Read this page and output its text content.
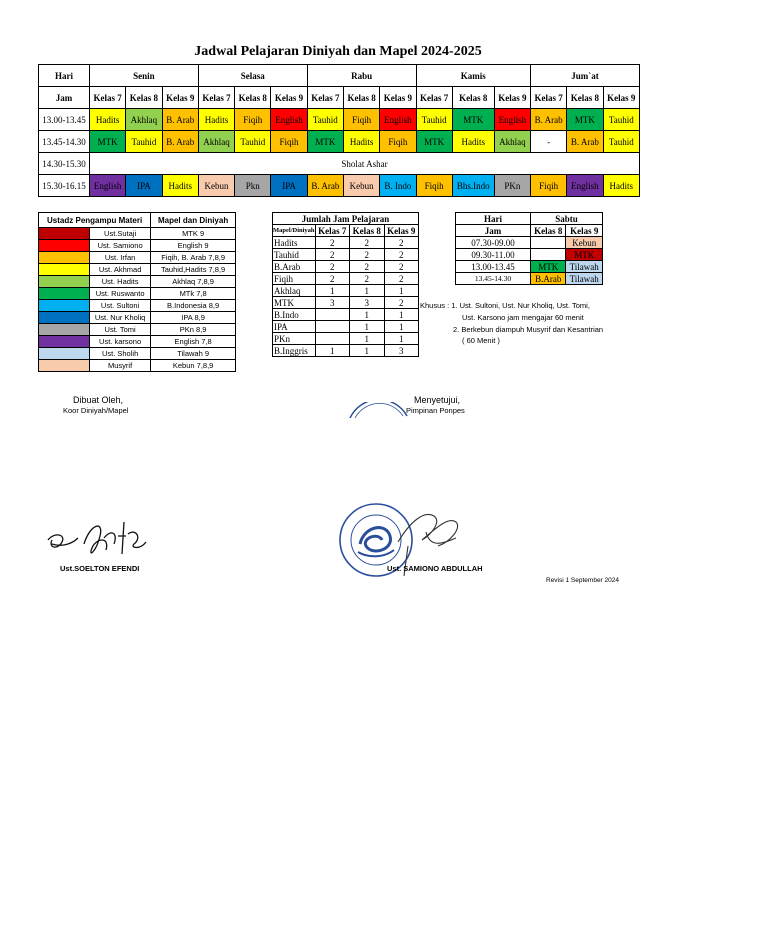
Jadwal Pelajaran Diniyah dan Mapel 2024-2025
Hari	Senin			Selasa			Rabu			Kamis			Jum`at		
Jam	Kelas 7	Kelas 8	Kelas 9	Kelas 7	Kelas 8	Kelas 9	Kelas 7	Kelas 8	Kelas 9	Kelas 7	Kelas 8	Kelas 9	Kelas 7	Kelas 8	Kelas 9
13.00-13.45	Hadits	Akhlaq	B. Arab	Hadits	Fiqih	English	Tauhid	Fiqih	English	Tauhid	MTK	English	B. Arab	MTK	Tauhid
13.45-14.30	MTK	Tauhid	B. Arab	Akhlaq	Tauhid	Fiqih	MTK	Hadits	Fiqih	MTK	Hadits	Akhlaq	-	B. Arab	Tauhid
14.30-15.30	Sholat Ashar														
15.30-16.15	English	IPA	Hadits	Kebun	Pkn	IPA	B. Arab	Kebun	B. Indo	Fiqih	Bhs.Indo	PKn	Fiqih	English	Hadits
Ustadz Pengampu Materi		Mapel dan Diniyah
	Ust.Sutaji	MTK 9
	Ust. Samiono	English 9
	Ust. Irfan	Fiqih, B. Arab 7,8,9
	Ust. Akhmad	Tauhid,Hadits 7,8,9
	Ust. Hadits	Akhlaq 7,8,9
	Ust. Ruswanto	MTk 7,8
	Ust. Sultoni	B.Indonesia 8,9
	Ust. Nur Kholiq	IPA 8,9
	Ust. Tomi	PKn 8,9
	Ust. karsono	English 7,8
	Ust. Sholih	Tilawah 9
	Musyrif	Kebun 7,8,9
Jumlah Jam Pelajaran			
Mapel/Diniyah	Kelas 7	Kelas 8	Kelas 9
Hadits	2	2	2
Tauhid	2	2	2
B.Arab	2	2	2
Fiqih	2	2	2
Akhlaq	1	1	1
MTK	3	3	2
B.Indo		1	1
IPA		1	1
PKn		1	1
B.Inggris	1	1	3
Hari	Sabtu	
Jam	Kelas 8	Kelas 9
07.30-09.00		Kebun
09.30-11.00		MTK
13.00-13.45	MTK	Tilawah
13.45-14.30	B.Arab	Tilawah
Khusus : 1. Ust. Sultoni, Ust. Nur Kholiq, Ust. Tomi,
Ust. Karsono jam mengajar 60 menit
2. Berkebun diampuh Musyrif dan Kesantrian
( 60 Menit )
Dibuat Oleh,
Koor Diniyah/Mapel
Menyetujui,
Pimpinan Ponpes
Ust.SOELTON EFENDI	Ust. SAMIONO ABDULLAH
Revisi 1 September 2024
